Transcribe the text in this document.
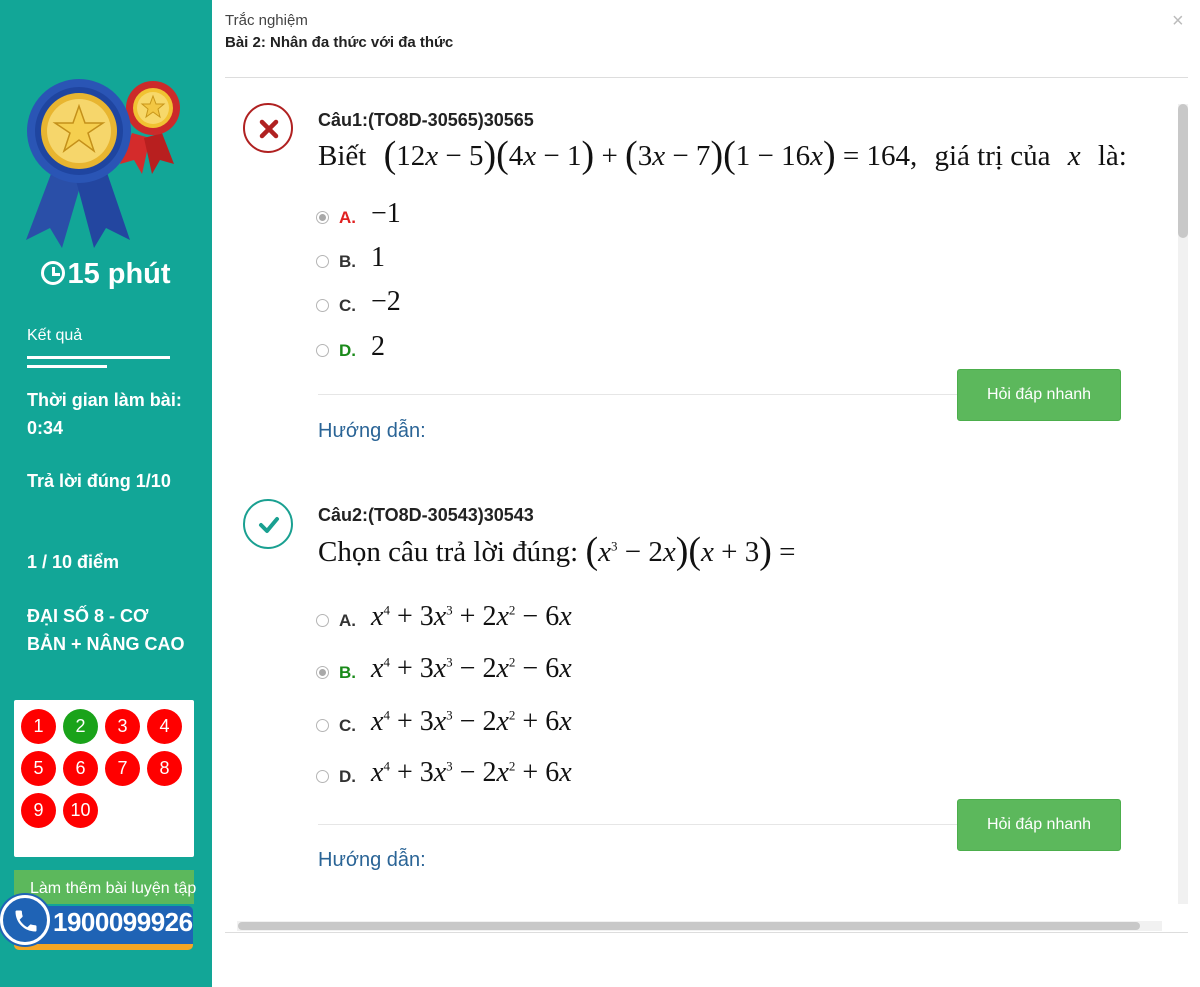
15 phút
Kết quả
Thời gian làm bài: 0:34
Trả lời đúng 1/10
1 / 10 điểm
ĐẠI SỐ 8 - CƠ BẢN + NÂNG CAO
1	2	3	4
5	6	7	8
9	10
Làm thêm bài luyện tập
1900099926
Trắc nghiệm
Bài 2: Nhân đa thức với đa thức
×
Câu1:(TO8D-30565)30565
Biết (12x − 5)(4x − 1) + (3x − 7)(1 − 16x) = 164, giá trị của x là:
A. −1
B. 1
C. −2
D. 2
Hỏi đáp nhanh
Hướng dẫn:
Câu2:(TO8D-30543)30543
Chọn câu trả lời đúng: $(x^3 - 2x)(x + 3)$ =
A. $x^4 + 3x^3 + 2x^2 - 6x$
B. $x^4 + 3x^3 - 2x^2 - 6x$
C. $x^4 + 3x^3 - 2x^2 + 6x$
D. $x^4 + 3x^3 - 2x^2 + 6x$
Hỏi đáp nhanh
Hướng dẫn:
